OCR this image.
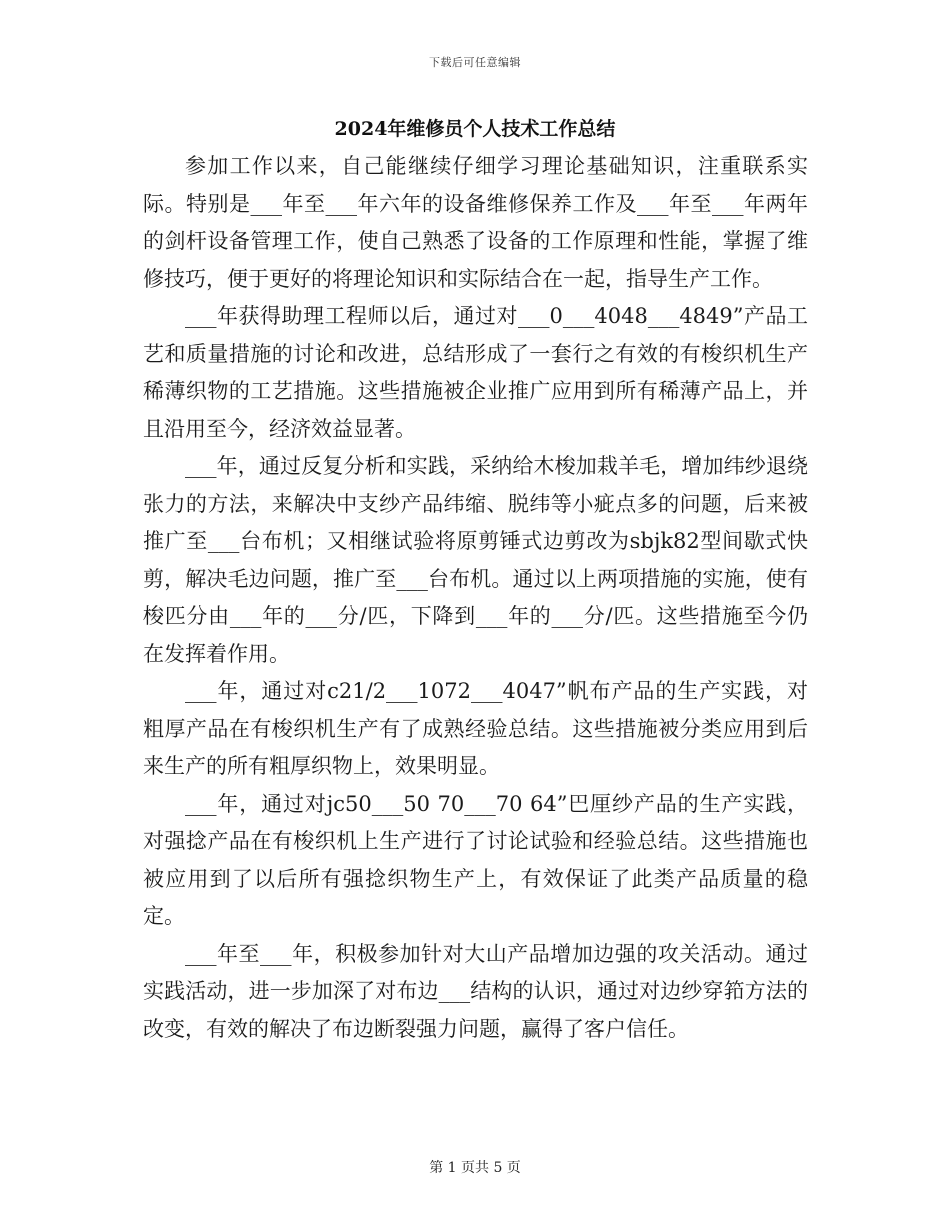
下载后可任意编辑
2024年维修员个人技术工作总结

参加工作以来，自己能继续仔细学习理论基础知识，注重联系实际。特别是___年至___年六年的设备维修保养工作及___年至___年两年的剑杆设备管理工作，使自己熟悉了设备的工作原理和性能，掌握了维修技巧，便于更好的将理论知识和实际结合在一起，指导生产工作。

___年获得助理工程师以后，通过对___0___4048___4849”产品工艺和质量措施的讨论和改进，总结形成了一套行之有效的有梭织机生产稀薄织物的工艺措施。这些措施被企业推广应用到所有稀薄产品上，并且沿用至今，经济效益显著。

___年，通过反复分析和实践，采纳给木梭加栽羊毛，增加纬纱退绕张力的方法，来解决中支纱产品纬缩、脱纬等小疵点多的问题，后来被推广至___台布机；又相继试验将原剪锤式边剪改为sbjk82型间歇式快剪，解决毛边问题，推广至___台布机。通过以上两项措施的实施，使有梭匹分由___年的___分/匹，下降到___年的___分/匹。这些措施至今仍在发挥着作用。

___年，通过对c21/2___1072___4047”帆布产品的生产实践，对粗厚产品在有梭织机生产有了成熟经验总结。这些措施被分类应用到后来生产的所有粗厚织物上，效果明显。

___年，通过对jc50___50 70___70 64”巴厘纱产品的生产实践，对强捻产品在有梭织机上生产进行了讨论试验和经验总结。这些措施也被应用到了以后所有强捻织物生产上，有效保证了此类产品质量的稳定。

___年至___年，积极参加针对大山产品增加边强的攻关活动。通过实践活动，进一步加深了对布边___结构的认识，通过对边纱穿筘方法的改变，有效的解决了布边断裂强力问题，赢得了客户信任。

第 1 页共 5 页
